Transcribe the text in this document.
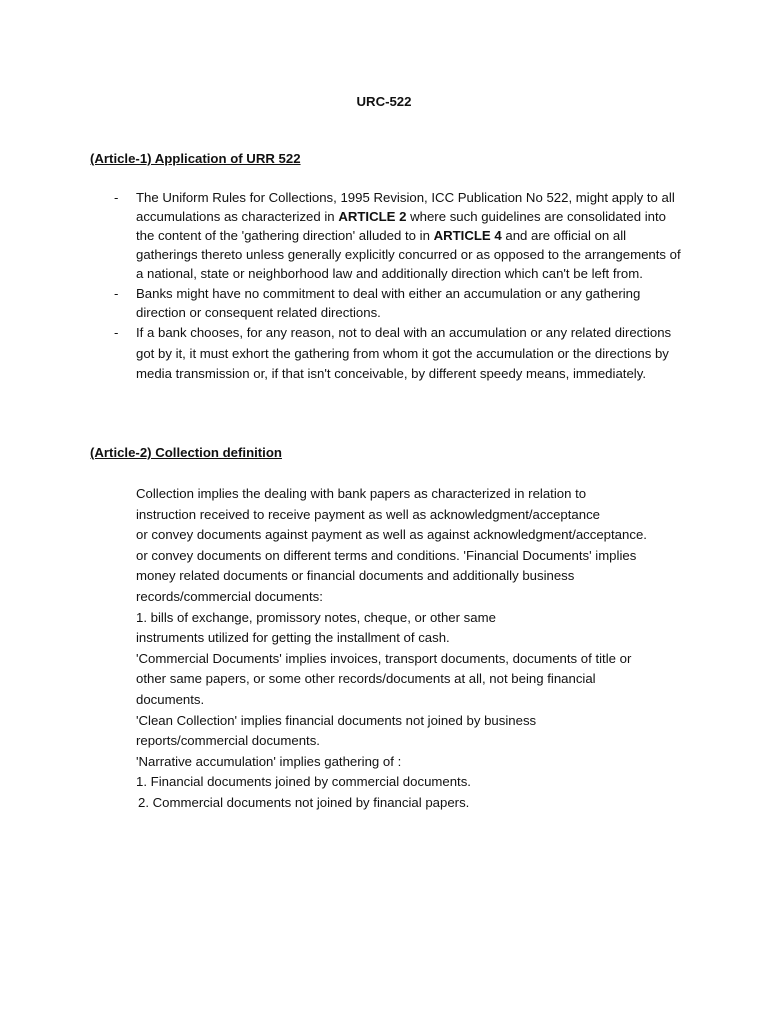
URC-522
(Article-1) Application of URR 522
- The Uniform Rules for Collections, 1995 Revision, ICC Publication No 522, might apply to all accumulations as characterized in ARTICLE 2 where such guidelines are consolidated into the content of the 'gathering direction' alluded to in ARTICLE 4 and are official on all gatherings thereto unless generally explicitly concurred or as opposed to the arrangements of a national, state or neighborhood law and additionally direction which can't be left from.
- Banks might have no commitment to deal with either an accumulation or any gathering direction or consequent related directions.
- If a bank chooses, for any reason, not to deal with an accumulation or any related directions got by it, it must exhort the gathering from whom it got the accumulation or the directions by media transmission or, if that isn't conceivable, by different speedy means, immediately.
(Article-2) Collection definition
Collection implies the dealing with bank papers as characterized in relation to
instruction received to receive payment as well as acknowledgment/acceptance
or convey documents against payment as well as against acknowledgment/acceptance.
or convey documents on different terms and conditions. 'Financial Documents' implies
money related documents or financial documents and additionally business
records/commercial documents:
1. bills of exchange, promissory notes, cheque, or other same
instruments utilized for getting the installment of cash.
'Commercial Documents' implies invoices, transport documents, documents of title or
other same papers, or some other records/documents at all, not being financial
documents.
'Clean Collection' implies financial documents not joined by business
reports/commercial documents.
'Narrative accumulation' implies gathering of :
1. Financial documents joined by commercial documents.
2. Commercial documents not joined by financial papers.
